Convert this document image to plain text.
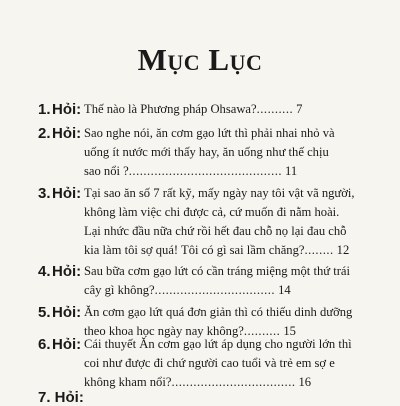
Mục Lục
1. Hỏi: Thế nào là Phương pháp Ohsawa?.......... 7
2. Hỏi: Sao nghe nói, ăn cơm gạo lứt thì phải nhai nhỏ và
uống ít nước mới thấy hay, ăn uống như thế chịu
sao nổi ?.......................................... 11
3. Hỏi: Tại sao ăn số 7 rất kỹ, mấy ngày nay tôi vật vã người,
không làm việc chi được cả, cứ muốn đi nằm hoài.
Lại nhức đầu nữa chứ rồi hết đau chỗ nọ lại đau chỗ
kia làm tôi sợ quá! Tôi có gì sai lầm chăng?........ 12
4. Hỏi: Sau bữa cơm gạo lứt có cần tráng miệng một thứ trái
cây gì không?................................. 14
5. Hỏi: Ăn cơm gạo lứt quá đơn giản thì có thiếu dinh dưỡng
theo khoa học ngày nay không?.......... 15
6. Hỏi: Cái thuyết Ăn cơm gạo lứt áp dụng cho người lớn thì
coi như được đi chứ người cao tuổi và trẻ em sợ e
không kham nổi?.................................. 16
7. Hỏi:
